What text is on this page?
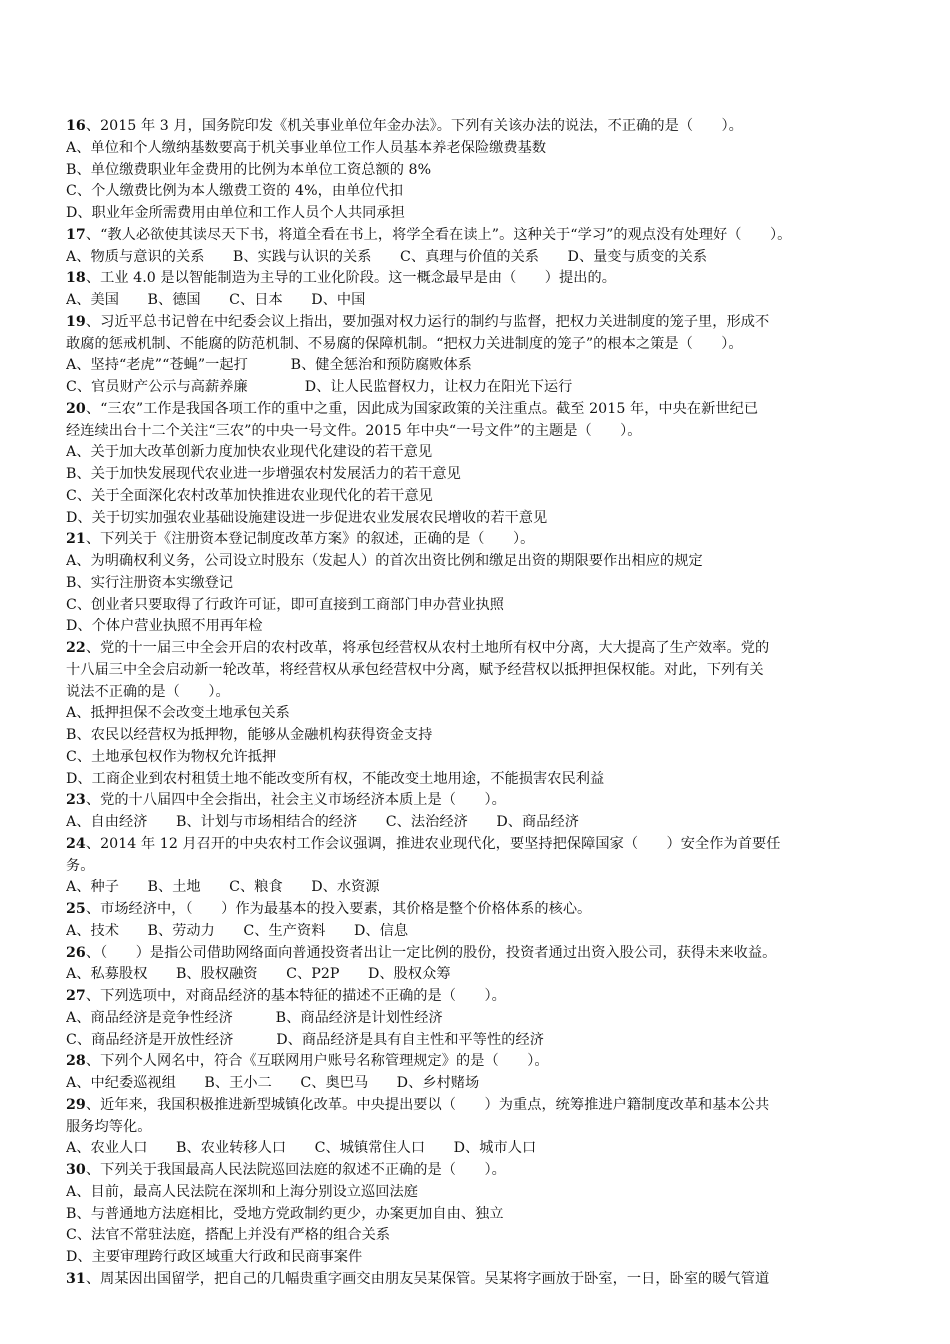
16、2015 年 3 月，国务院印发《机关事业单位年金办法》。下列有关该办法的说法，不正确的是（　　）。
A、单位和个人缴纳基数要高于机关事业单位工作人员基本养老保险缴费基数
B、单位缴费职业年金费用的比例为本单位工资总额的 8%
C、个人缴费比例为本人缴费工资的 4%，由单位代扣
D、职业年金所需费用由单位和工作人员个人共同承担
17、“教人必欲使其读尽天下书，将道全看在书上，将学全看在读上”。这种关于“学习”的观点没有处理好（　　）。
A、物质与意识的关系　　B、实践与认识的关系　　C、真理与价值的关系　　D、量变与质变的关系
18、工业 4.0 是以智能制造为主导的工业化阶段。这一概念最早是由（　　）提出的。
A、美国　　B、德国　　C、日本　　D、中国
19、习近平总书记曾在中纪委会议上指出，要加强对权力运行的制约与监督，把权力关进制度的笼子里，形成不
敢腐的惩戒机制、不能腐的防范机制、不易腐的保障机制。“把权力关进制度的笼子”的根本之策是（　　）。
A、坚持“老虎”“苍蝇”一起打　　　B、健全惩治和预防腐败体系
C、官员财产公示与高薪养廉　　　　D、让人民监督权力，让权力在阳光下运行
20、“三农”工作是我国各项工作的重中之重，因此成为国家政策的关注重点。截至 2015 年，中央在新世纪已
经连续出台十二个关注“三农”的中央一号文件。2015 年中央“一号文件”的主题是（　　）。
A、关于加大改革创新力度加快农业现代化建设的若干意见
B、关于加快发展现代农业进一步增强农村发展活力的若干意见
C、关于全面深化农村改革加快推进农业现代化的若干意见
D、关于切实加强农业基础设施建设进一步促进农业发展农民增收的若干意见
21、下列关于《注册资本登记制度改革方案》的叙述，正确的是（　　）。
A、为明确权利义务，公司设立时股东（发起人）的首次出资比例和缴足出资的期限要作出相应的规定
B、实行注册资本实缴登记
C、创业者只要取得了行政许可证，即可直接到工商部门申办营业执照
D、个体户营业执照不用再年检
22、党的十一届三中全会开启的农村改革，将承包经营权从农村土地所有权中分离，大大提高了生产效率。党的
十八届三中全会启动新一轮改革，将经营权从承包经营权中分离，赋予经营权以抵押担保权能。对此，下列有关
说法不正确的是（　　）。
A、抵押担保不会改变土地承包关系
B、农民以经营权为抵押物，能够从金融机构获得资金支持
C、土地承包权作为物权允许抵押
D、工商企业到农村租赁土地不能改变所有权，不能改变土地用途，不能损害农民利益
23、党的十八届四中全会指出，社会主义市场经济本质上是（　　）。
A、自由经济　　B、计划与市场相结合的经济　　C、法治经济　　D、商品经济
24、2014 年 12 月召开的中央农村工作会议强调，推进农业现代化，要坚持把保障国家（　　）安全作为首要任
务。
A、种子　　B、土地　　C、粮食　　D、水资源
25、市场经济中，（　　）作为最基本的投入要素，其价格是整个价格体系的核心。
A、技术　　B、劳动力　　C、生产资料　　D、信息
26、（　　）是指公司借助网络面向普通投资者出让一定比例的股份，投资者通过出资入股公司，获得未来收益。
A、私募股权　　B、股权融资　　C、P2P　　D、股权众筹
27、下列选项中，对商品经济的基本特征的描述不正确的是（　　）。
A、商品经济是竞争性经济　　　B、商品经济是计划性经济
C、商品经济是开放性经济　　　D、商品经济是具有自主性和平等性的经济
28、下列个人网名中，符合《互联网用户账号名称管理规定》的是（　　）。
A、中纪委巡视组　　B、王小二　　C、奥巴马　　D、乡村赌场
29、近年来，我国积极推进新型城镇化改革。中央提出要以（　　）为重点，统筹推进户籍制度改革和基本公共
服务均等化。
A、农业人口　　B、农业转移人口　　C、城镇常住人口　　D、城市人口
30、下列关于我国最高人民法院巡回法庭的叙述不正确的是（　　）。
A、目前，最高人民法院在深圳和上海分别设立巡回法庭
B、与普通地方法庭相比，受地方党政制约更少，办案更加自由、独立
C、法官不常驻法庭，搭配上并没有严格的组合关系
D、主要审理跨行政区域重大行政和民商事案件
31、周某因出国留学，把自己的几幅贵重字画交由朋友吴某保管。吴某将字画放于卧室，一日，卧室的暖气管道
